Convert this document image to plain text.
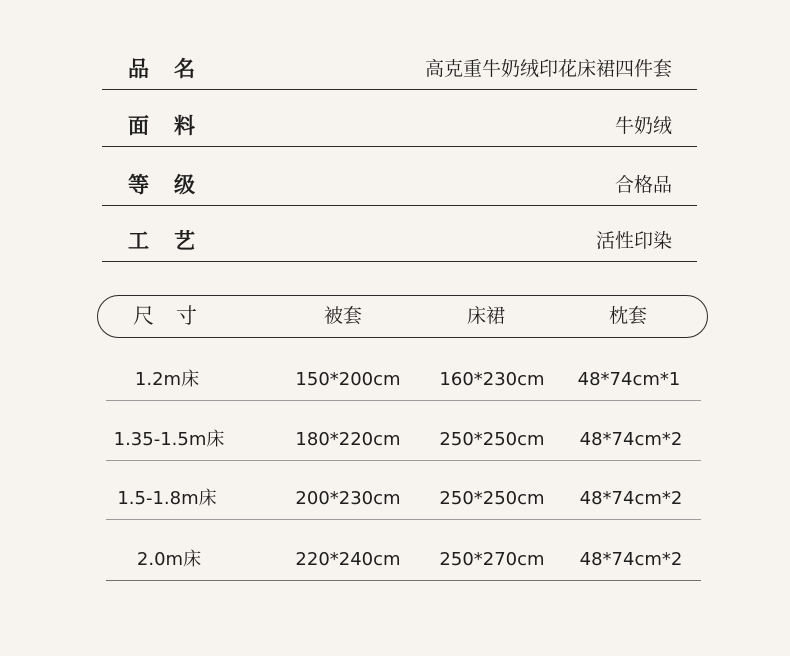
品名	高克重牛奶绒印花床裙四件套
面料	牛奶绒
等级	合格品
工艺	活性印染
尺寸	被套	床裙	枕套
1.2m床	150*200cm 160*230cm 48*74cm*1
1.35-1.5m床	180*220cm 250*250cm 48*74cm*2
1.5-1.8m床	200*230cm 250*250cm 48*74cm*2
2.0m床	220*240cm 250*270cm 48*74cm*2
